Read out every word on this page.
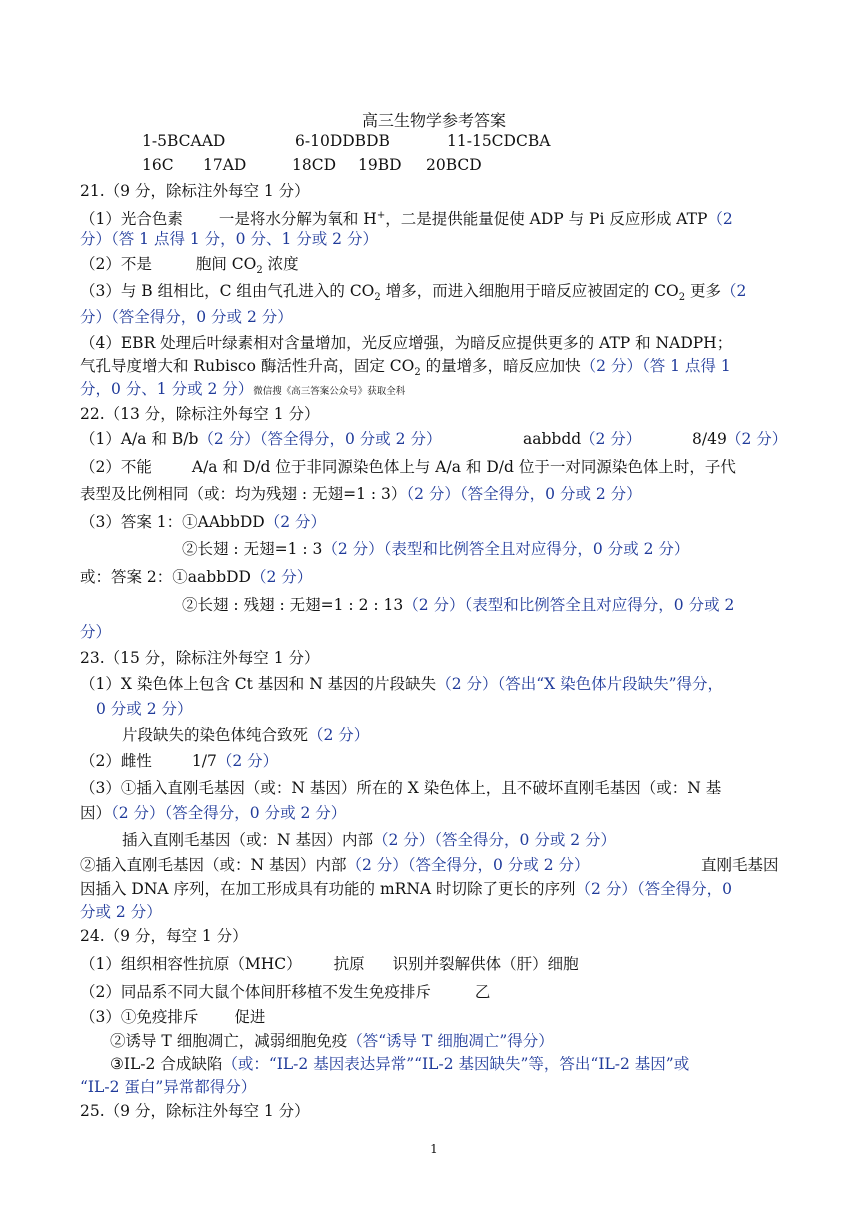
高三生物学参考答案
1-5BCAAD	6-10DDBDB	11-15CDCBA
16C 17AD	18CD 19BD 20BCD
21.（9 分，除标注外每空 1 分）
（1）光合色素 一是将水分解为氧和 H+，二是提供能量促使 ADP 与 Pi 反应形成 ATP（2
分）（答 1 点得 1 分，0 分、1 分或 2 分）
（2）不是	胞间 $CO_2$ 浓度
（3）与 B 组相比，C 组由气孔进入的 $CO_2$ 增多，而进入细胞用于暗反应被固定的 $CO_2$ 更多（2
分）（答全得分，0 分或 2 分）
（4）EBR 处理后叶绿素相对含量增加，光反应增强，为暗反应提供更多的 ATP 和 NADPH；
气孔导度增大和 Rubisco 酶活性升高，固定 $CO_2$ 的量增多，暗反应加快（2 分）（答 1 点得 1
分，0 分、1 分或 2 分）微信搜《高三答案公众号》获取全科
22.（13 分，除标注外每空 1 分）
（1）A/a 和 B/b（2 分）（答全得分，0 分或 2 分）	aabbdd
（2 分）	8/49 （2 分）
（2）不能	A/a 和 D/d 位于非同源染色体上与 A/a 和 D/d 位于一对同源染色体上时，子代
表型及比例相同（或：均为残翅 : 无翅=1 : 3）（2 分）（答全得分，0 分或 2 分）
（3）答案 1：①AAbbDD（2 分）
②长翅 : 无翅=1 : 3（2 分）（表型和比例答全且对应得分，0 分或 2 分）
或：答案 2：①aabbDD（2 分）
②长翅 : 残翅 : 无翅=1 : 2 : 13（2 分）（表型和比例答全且对应得分，0 分或 2
分）
23.（15 分，除标注外每空 1 分）
（1）X 染色体上包含 Ct 基因和 N 基因的片段缺失（2 分）（答出“X 染色体片段缺失”得分，
0 分或 2 分）
片段缺失的染色体纯合致死（2 分）
（2）雌性	1/7（2 分）
（3）①插入直刚毛基因（或：N 基因）所在的 X 染色体上，且不破坏直刚毛基因（或：N 基
因）（2 分）（答全得分，0 分或 2 分）
插入直刚毛基因（或：N 基因）内部（2 分）（答全得分，0 分或 2 分）
②插入直刚毛基因（或：N 基因）内部（2 分）（答全得分，0 分或 2 分）	直刚毛基因
因插入 DNA 序列，在加工形成具有功能的 mRNA 时切除了更长的序列（2 分）（答全得分，0
分或 2 分）
24.（9 分，每空 1 分）
（1）组织相容性抗原（MHC） 抗原 识别并裂解供体（肝）细胞
（2）同品系不同大鼠个体间肝移植不发生免疫排斥	乙
（3）①免疫排斥 促进
②诱导 T 细胞凋亡，减弱细胞免疫（答“诱导 T 细胞凋亡”得分）
③IL-2 合成缺陷（或：“IL-2 基因表达异常”“IL-2 基因缺失”等，答出“IL-2 基因”或
“IL-2 蛋白”异常都得分）
25.（9 分，除标注外每空 1 分）
1
